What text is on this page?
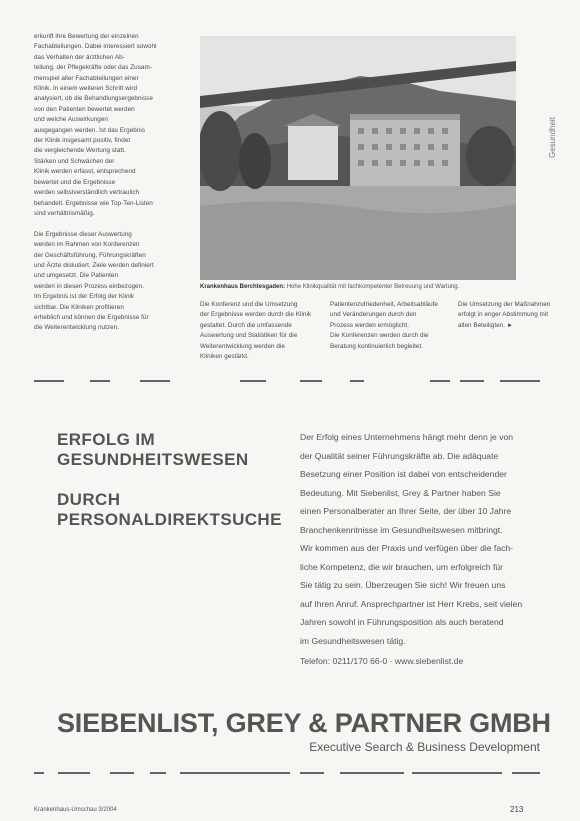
erkunft ihre Bewertung der einzelnen
Fachabteilungen. Dabei interessiert sowohl
das Verhalten der ärztlichen Ab-
teilung, der Pflegekräfte oder das Zusam-
menspiel aller Fachabteilungen einer
Klinik. In einem weiteren Schritt wird
analysiert, ob die Behandlungsergebnisse
von den Patienten bewertet werden
und welche Auswirkungen
ausgegangen werden. Ist das Ergebnis
der Klinik insgesamt positiv, findet
die vergleichende Wertung statt.
Stärken und Schwächen der
Klinik werden erfasst, entsprechend
bewertet und die Ergebnisse
werden selbstverständlich vertraulich
behandelt. Ergebnisse wie Top-Ten-Listen
sind verhältnismäßig.

Die Ergebnisse dieser Auswertung
werden im Rahmen von Konferenzen
der Geschäftsführung, Führungskräften
und Ärzte diskutiert. Ziele werden definiert
und umgesetzt. Die Patienten
werden in diesen Prozess einbezogen.
Im Ergebnis ist der Erfolg der Klinik
sichtbar. Die Kliniken profitieren
erheblich und können die Ergebnisse für
die Weiterentwicklung nutzen.

Krankenhaus Berchtesgaden: Hohe Klinikqualität mit fachkompetenter Betreuung und Wartung.

Die Konferenz und die Umsetzung
der Ergebnisse werden durch die Klinik
gestaltet. Durch die umfassende
Auswertung und Statistiken für die
Weiterentwicklung werden die
Kliniken gestärkt.

Patientenzufriedenheit, Arbeitsabläufe
und Veränderungen durch den
Prozess werden ermöglicht.
Die Konferenzen werden durch die
Beratung kontinuierlich begleitet.

Die Umsetzung der Maßnahmen
erfolgt in enger Abstimmung mit
allen Beteiligten. ►

Gesundheit
ERFOLG IM
GESUNDHEITSWESEN
DURCH
PERSONALDIREKTSUCHE

Der Erfolg eines Unternehmens hängt mehr denn je von
der Qualität seiner Führungskräfte ab. Die adäquate
Besetzung einer Position ist dabei von entscheidender
Bedeutung. Mit Siebenlist, Grey & Partner haben Sie
einen Personalberater an Ihrer Seite, der über 10 Jahre
Branchenkenntnisse im Gesundheitswesen mitbringt.
Wir kommen aus der Praxis und verfügen über die fach-
liche Kompetenz, die wir brauchen, um erfolgreich für
Sie tätig zu sein. Überzeugen Sie sich! Wir freuen uns
auf Ihren Anruf. Ansprechpartner ist Herr Krebs, seit vielen
Jahren sowohl in Führungsposition als auch beratend
im Gesundheitswesen tätig.

Telefon: 0211/170 66-0 · www.siebenlist.de
SIEBENLIST, GREY & PARTNER GMBH
Executive Search & Business Development
Krankenhaus-Umschau 3/2004	213
